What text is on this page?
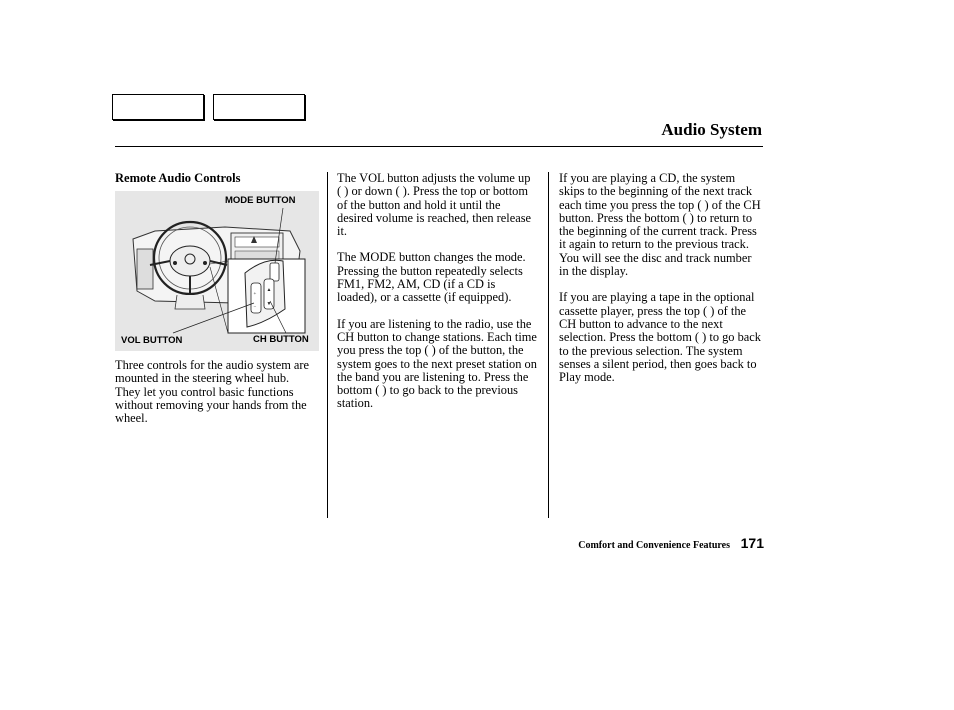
Audio System
Remote Audio Controls
+
−
▲
▼
MODE BUTTON
VOL BUTTON	CH BUTTON

Three controls for the audio system are mounted in the steering wheel hub. They let you control basic functions without removing your hands from the wheel.

The VOL button adjusts the volume up ( ) or down ( ). Press the top or bottom of the button and hold it until the desired volume is reached, then release it.

The MODE button changes the mode. Pressing the button repeatedly selects FM1, FM2, AM, CD (if a CD is loaded), or a cassette (if equipped).

If you are listening to the radio, use the CH button to change stations. Each time you press the top ( ) of the button, the system goes to the next preset station on the band you are listening to. Press the bottom ( ) to go back to the previous station.

If you are playing a CD, the system skips to the beginning of the next track each time you press the top ( ) of the CH button. Press the bottom ( ) to return to the beginning of the current track. Press it again to return to the previous track. You will see the disc and track number in the display.

If you are playing a tape in the optional cassette player, press the top ( ) of the CH button to advance to the next selection. Press the bottom ( ) to go back to the previous selection. The system senses a silent period, then goes back to Play mode.

Comfort and Convenience Features 171
